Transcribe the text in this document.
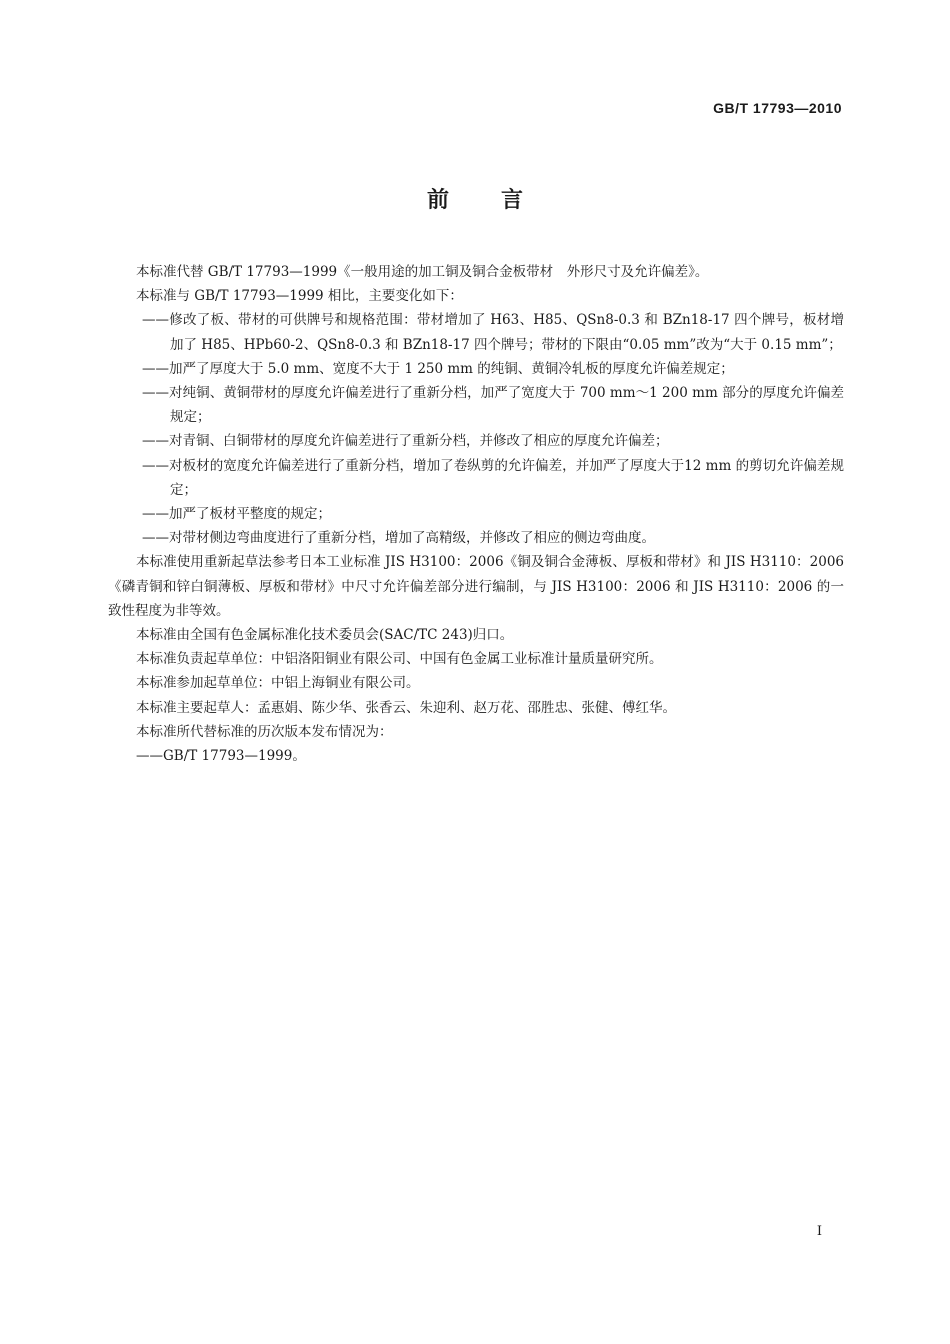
GB/T 17793—2010
前言

本标准代替 GB/T 17793—1999《一般用途的加工铜及铜合金板带材　外形尺寸及允许偏差》。

本标准与 GB/T 17793—1999 相比，主要变化如下：

——修改了板、带材的可供牌号和规格范围：带材增加了 H63、H85、QSn8-0.3 和 BZn18-17 四个牌号，板材增加了 H85、HPb60-2、QSn8-0.3 和 BZn18-17 四个牌号；带材的下限由“0.05 mm”改为“大于 0.15 mm”；

——加严了厚度大于 5.0 mm、宽度不大于 1 250 mm 的纯铜、黄铜冷轧板的厚度允许偏差规定；

——对纯铜、黄铜带材的厚度允许偏差进行了重新分档，加严了宽度大于 700 mm～1 200 mm 部分的厚度允许偏差规定；

——对青铜、白铜带材的厚度允许偏差进行了重新分档，并修改了相应的厚度允许偏差；

——对板材的宽度允许偏差进行了重新分档，增加了卷纵剪的允许偏差，并加严了厚度大于12 mm 的剪切允许偏差规定；

——加严了板材平整度的规定；

——对带材侧边弯曲度进行了重新分档，增加了高精级，并修改了相应的侧边弯曲度。

本标准使用重新起草法参考日本工业标准 JIS H3100：2006《铜及铜合金薄板、厚板和带材》和 JIS H3110：2006《磷青铜和锌白铜薄板、厚板和带材》中尺寸允许偏差部分进行编制，与 JIS H3100：2006 和 JIS H3110：2006 的一致性程度为非等效。

本标准由全国有色金属标准化技术委员会(SAC/TC 243)归口。

本标准负责起草单位：中铝洛阳铜业有限公司、中国有色金属工业标准计量质量研究所。

本标准参加起草单位：中铝上海铜业有限公司。

本标准主要起草人：孟惠娟、陈少华、张香云、朱迎利、赵万花、邵胜忠、张健、傅红华。

本标准所代替标准的历次版本发布情况为：

——GB/T 17793—1999。

I
